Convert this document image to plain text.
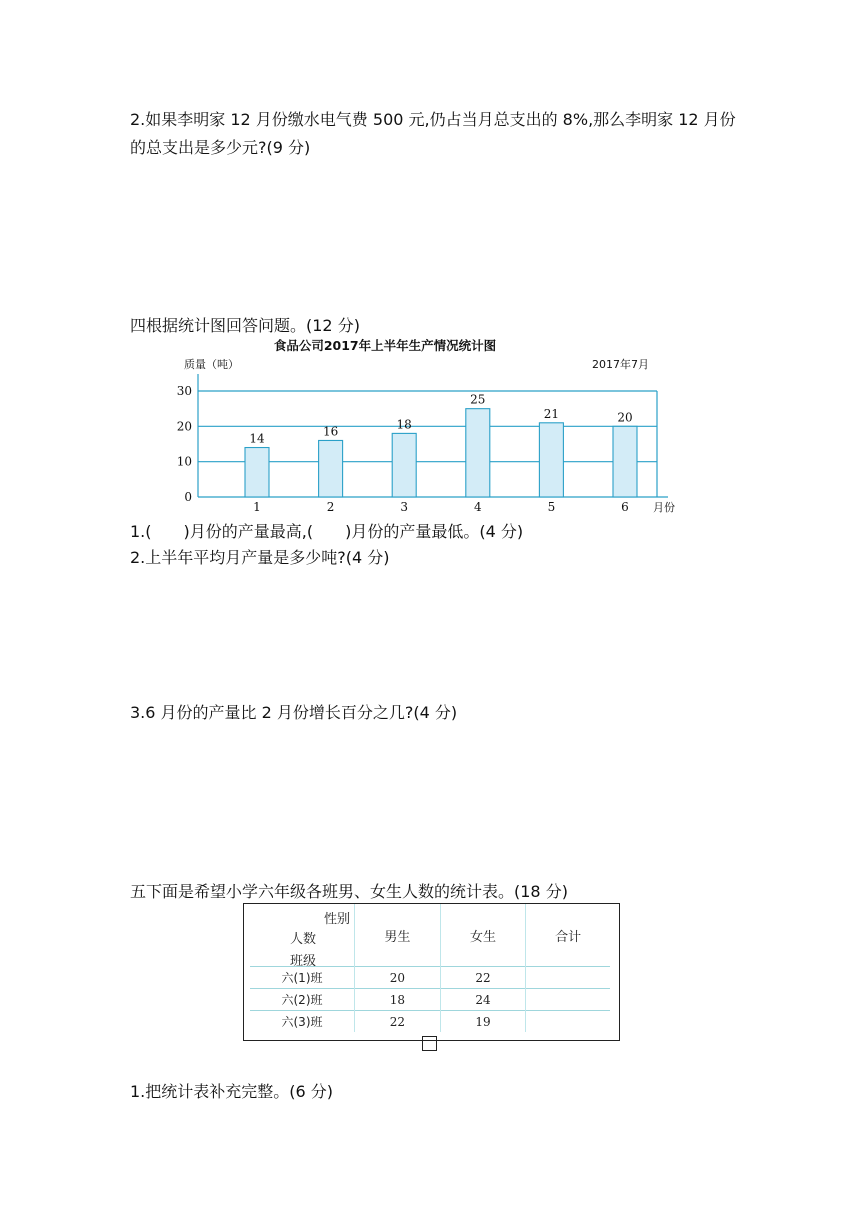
2.如果李明家 12 月份缴水电气费 500 元,仍占当月总支出的 8%,那么李明家 12 月份的总支出是多少元?(9 分)
四根据统计图回答问题。(12 分)
食品公司2017年上半年生产情况统计图
质量（吨）	2017年7月
月份
0
10
20
30
14
1
16
2
18
3
25
4
21
5
20
6
1.(　　)月份的产量最高,(　　)月份的产量最低。(4 分)
2.上半年平均月产量是多少吨?(4 分)
3.6 月份的产量比 2 月份增长百分之几?(4 分)
五下面是希望小学六年级各班男、女生人数的统计表。(18 分)
性别
人数
班级	男生	女生	合计
六(1)班	20	22	
六(2)班	18	24	
六(3)班	22	19	
1.把统计表补充完整。(6 分)
